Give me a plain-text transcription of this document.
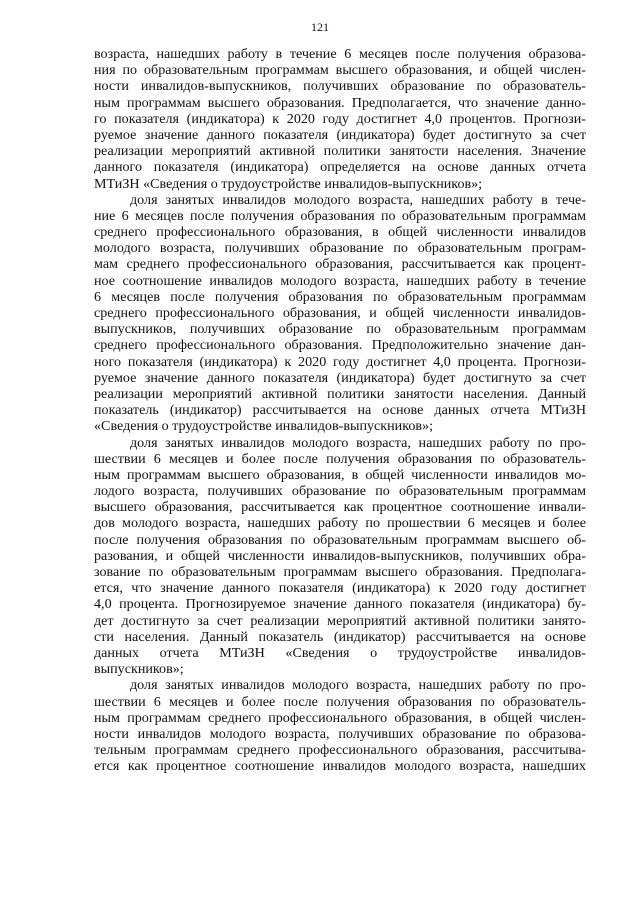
121
возраста, нашедших работу в течение 6 месяцев после получения образова-
ния по образовательным программам высшего образования, и общей числен-
ности инвалидов-выпускников, получивших образование по образователь-
ным программам высшего образования. Предполагается, что значение данно-
го показателя (индикатора) к 2020 году достигнет 4,0 процентов. Прогнози-
руемое значение данного показателя (индикатора) будет достигнуто за счет
реализации мероприятий активной политики занятости населения. Значение
данного показателя (индикатора) определяется на основе данных отчета
МТиЗН «Сведения о трудоустройстве инвалидов-выпускников»;
доля занятых инвалидов молодого возраста, нашедших работу в тече-
ние 6 месяцев после получения образования по образовательным программам
среднего профессионального образования, в общей численности инвалидов
молодого возраста, получивших образование по образовательным програм-
мам среднего профессионального образования, рассчитывается как процент-
ное соотношение инвалидов молодого возраста, нашедших работу в течение
6 месяцев после получения образования по образовательным программам
среднего профессионального образования, и общей численности инвалидов-
выпускников, получивших образование по образовательным программам
среднего профессионального образования. Предположительно значение дан-
ного показателя (индикатора) к 2020 году достигнет 4,0 процента. Прогнози-
руемое значение данного показателя (индикатора) будет достигнуто за счет
реализации мероприятий активной политики занятости населения. Данный
показатель (индикатор) рассчитывается на основе данных отчета МТиЗН
«Сведения о трудоустройстве инвалидов-выпускников»;
доля занятых инвалидов молодого возраста, нашедших работу по про-
шествии 6 месяцев и более после получения образования по образователь-
ным программам высшего образования, в общей численности инвалидов мо-
лодого возраста, получивших образование по образовательным программам
высшего образования, рассчитывается как процентное соотношение инвали-
дов молодого возраста, нашедших работу по прошествии 6 месяцев и более
после получения образования по образовательным программам высшего об-
разования, и общей численности инвалидов-выпускников, получивших обра-
зование по образовательным программам высшего образования. Предполага-
ется, что значение данного показателя (индикатора) к 2020 году достигнет
4,0 процента. Прогнозируемое значение данного показателя (индикатора) бу-
дет достигнуто за счет реализации мероприятий активной политики занято-
сти населения. Данный показатель (индикатор) рассчитывается на основе
данных отчета МТиЗН «Сведения о трудоустройстве инвалидов-
выпускников»;
доля занятых инвалидов молодого возраста, нашедших работу по про-
шествии 6 месяцев и более после получения образования по образователь-
ным программам среднего профессионального образования, в общей числен-
ности инвалидов молодого возраста, получивших образование по образова-
тельным программам среднего профессионального образования, рассчитыва-
ется как процентное соотношение инвалидов молодого возраста, нашедших
